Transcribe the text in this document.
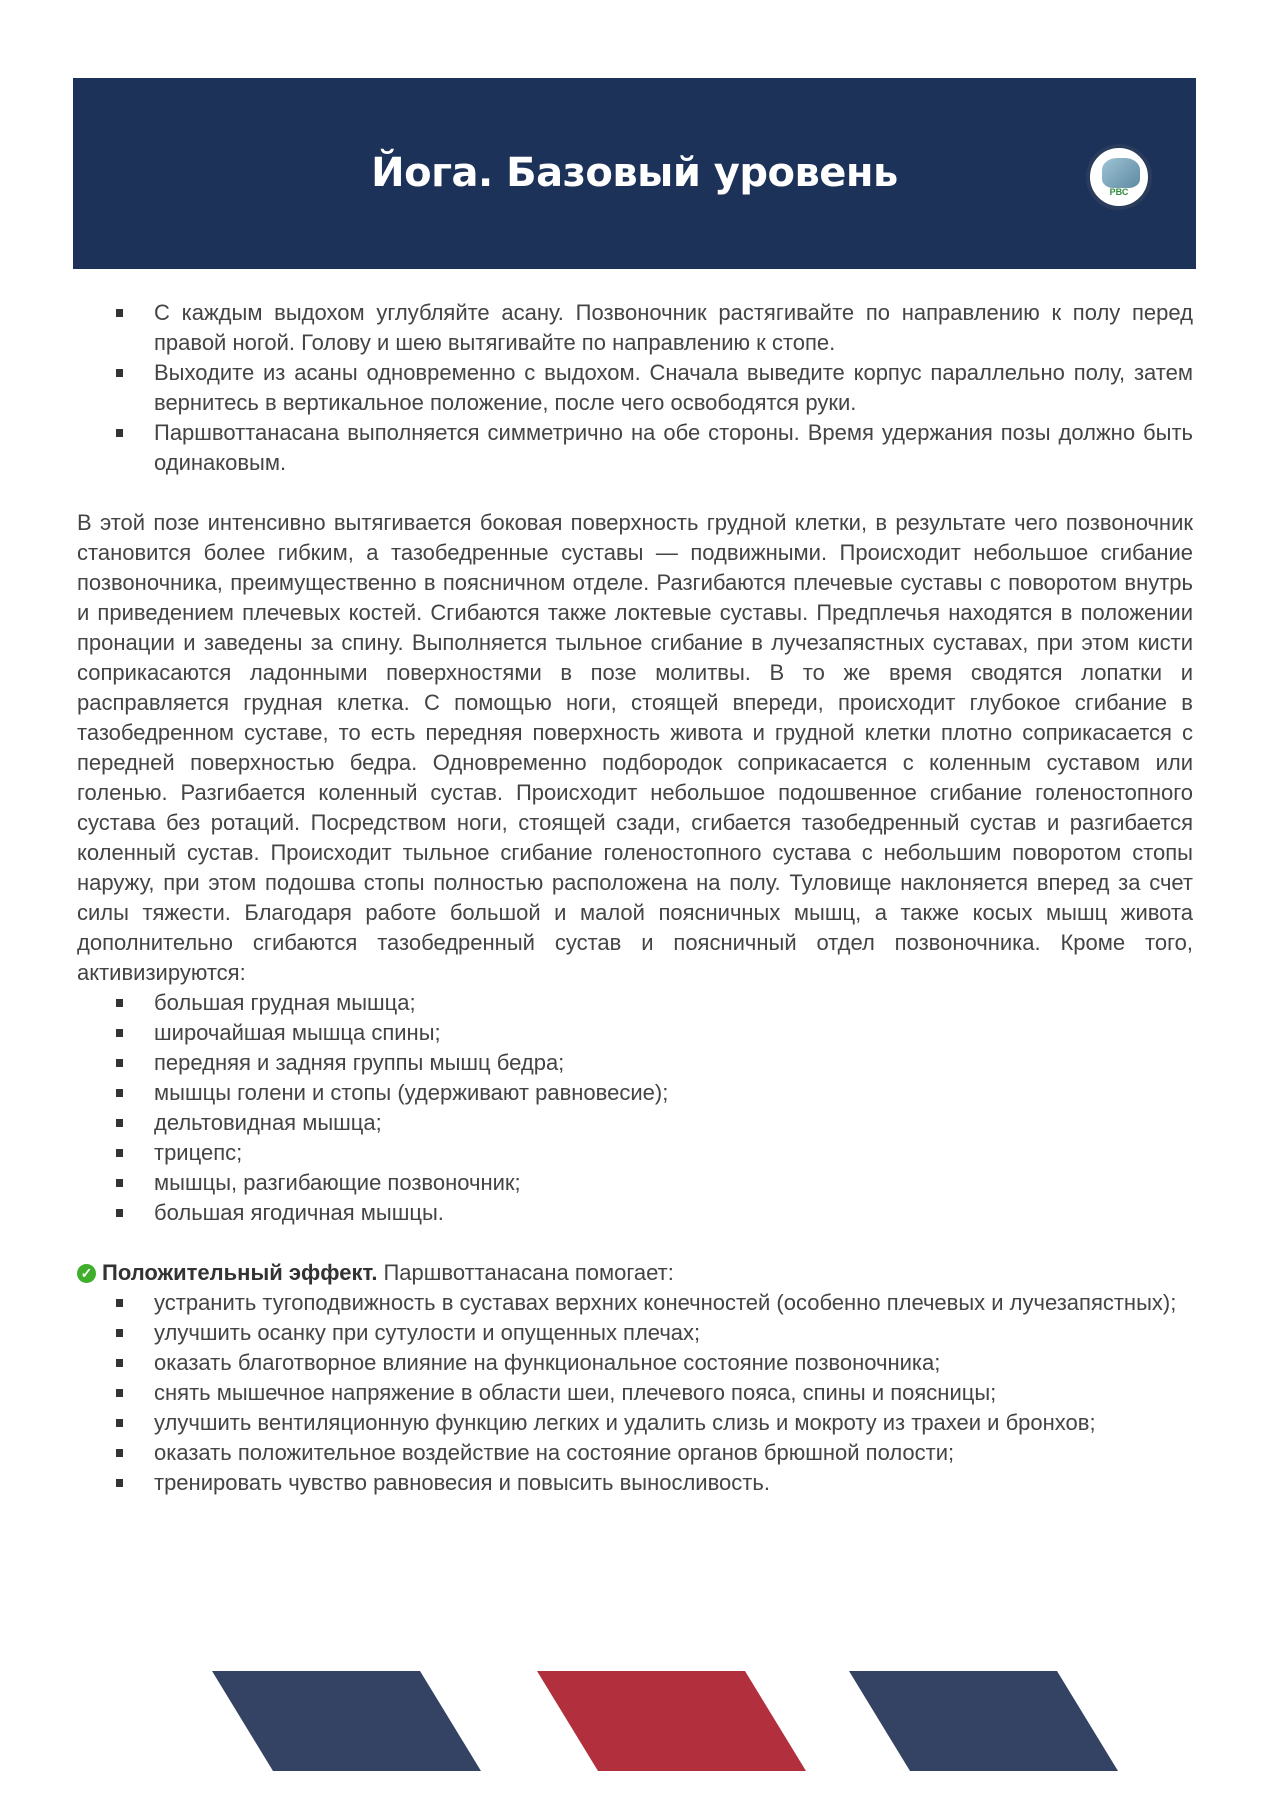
Йога. Базовый уровень	РВС
С каждым выдохом углубляйте асану. Позвоночник растягивайте по направлению к полу перед правой ногой. Голову и шею вытягивайте по направлению к стопе.
Выходите из асаны одновременно с выдохом. Сначала выведите корпус параллельно полу, затем вернитесь в вертикальное положение, после чего освободятся руки.
Паршвоттанасана выполняется симметрично на обе стороны. Время удержания позы должно быть одинаковым.

В этой позе интенсивно вытягивается боковая поверхность грудной клетки, в результате чего позвоночник становится более гибким, а тазобедренные суставы — подвижными. Происходит небольшое сгибание позвоночника, преимущественно в поясничном отделе. Разгибаются плечевые суставы с поворотом внутрь и приведением плечевых костей. Сгибаются также локтевые суставы. Предплечья находятся в положении пронации и заведены за спину. Выполняется тыльное сгибание в лучезапястных суставах, при этом кисти соприкасаются ладонными поверхностями в позе молитвы. В то же время сводятся лопатки и расправляется грудная клетка. С помощью ноги, стоящей впереди, происходит глубокое сгибание в тазобедренном суставе, то есть передняя поверхность живота и грудной клетки плотно соприкасается с передней поверхностью бедра. Одновременно подбородок соприкасается с коленным суставом или голенью. Разгибается коленный сустав. Происходит небольшое подошвенное сгибание голеностопного сустава без ротаций. Посредством ноги, стоящей сзади, сгибается тазобедренный сустав и разгибается коленный сустав. Происходит тыльное сгибание голеностопного сустава с небольшим поворотом стопы наружу, при этом подошва стопы полностью расположена на полу. Туловище наклоняется вперед за счет силы тяжести. Благодаря работе большой и малой поясничных мышц, а также косых мышц живота дополнительно сгибаются тазобедренный сустав и поясничный отдел позвоночника. Кроме того, активизируются:

большая грудная мышца;
широчайшая мышца спины;
передняя и задняя группы мышц бедра;
мышцы голени и стопы (удерживают равновесие);
дельтовидная мышца;
трицепс;
мышцы, разгибающие позвоночник;
большая ягодичная мышцы.
✓ Положительный эффект. Паршвоттанасана помогает:
устранить тугоподвижность в суставах верхних конечностей (особенно плечевых и лучезапястных);
улучшить осанку при сутулости и опущенных плечах;
оказать благотворное влияние на функциональное состояние позвоночника;
снять мышечное напряжение в области шеи, плечевого пояса, спины и поясницы;
улучшить вентиляционную функцию легких и удалить слизь и мокроту из трахеи и бронхов;
оказать положительное воздействие на состояние органов брюшной полости;
тренировать чувство равновесия и повысить выносливость.
